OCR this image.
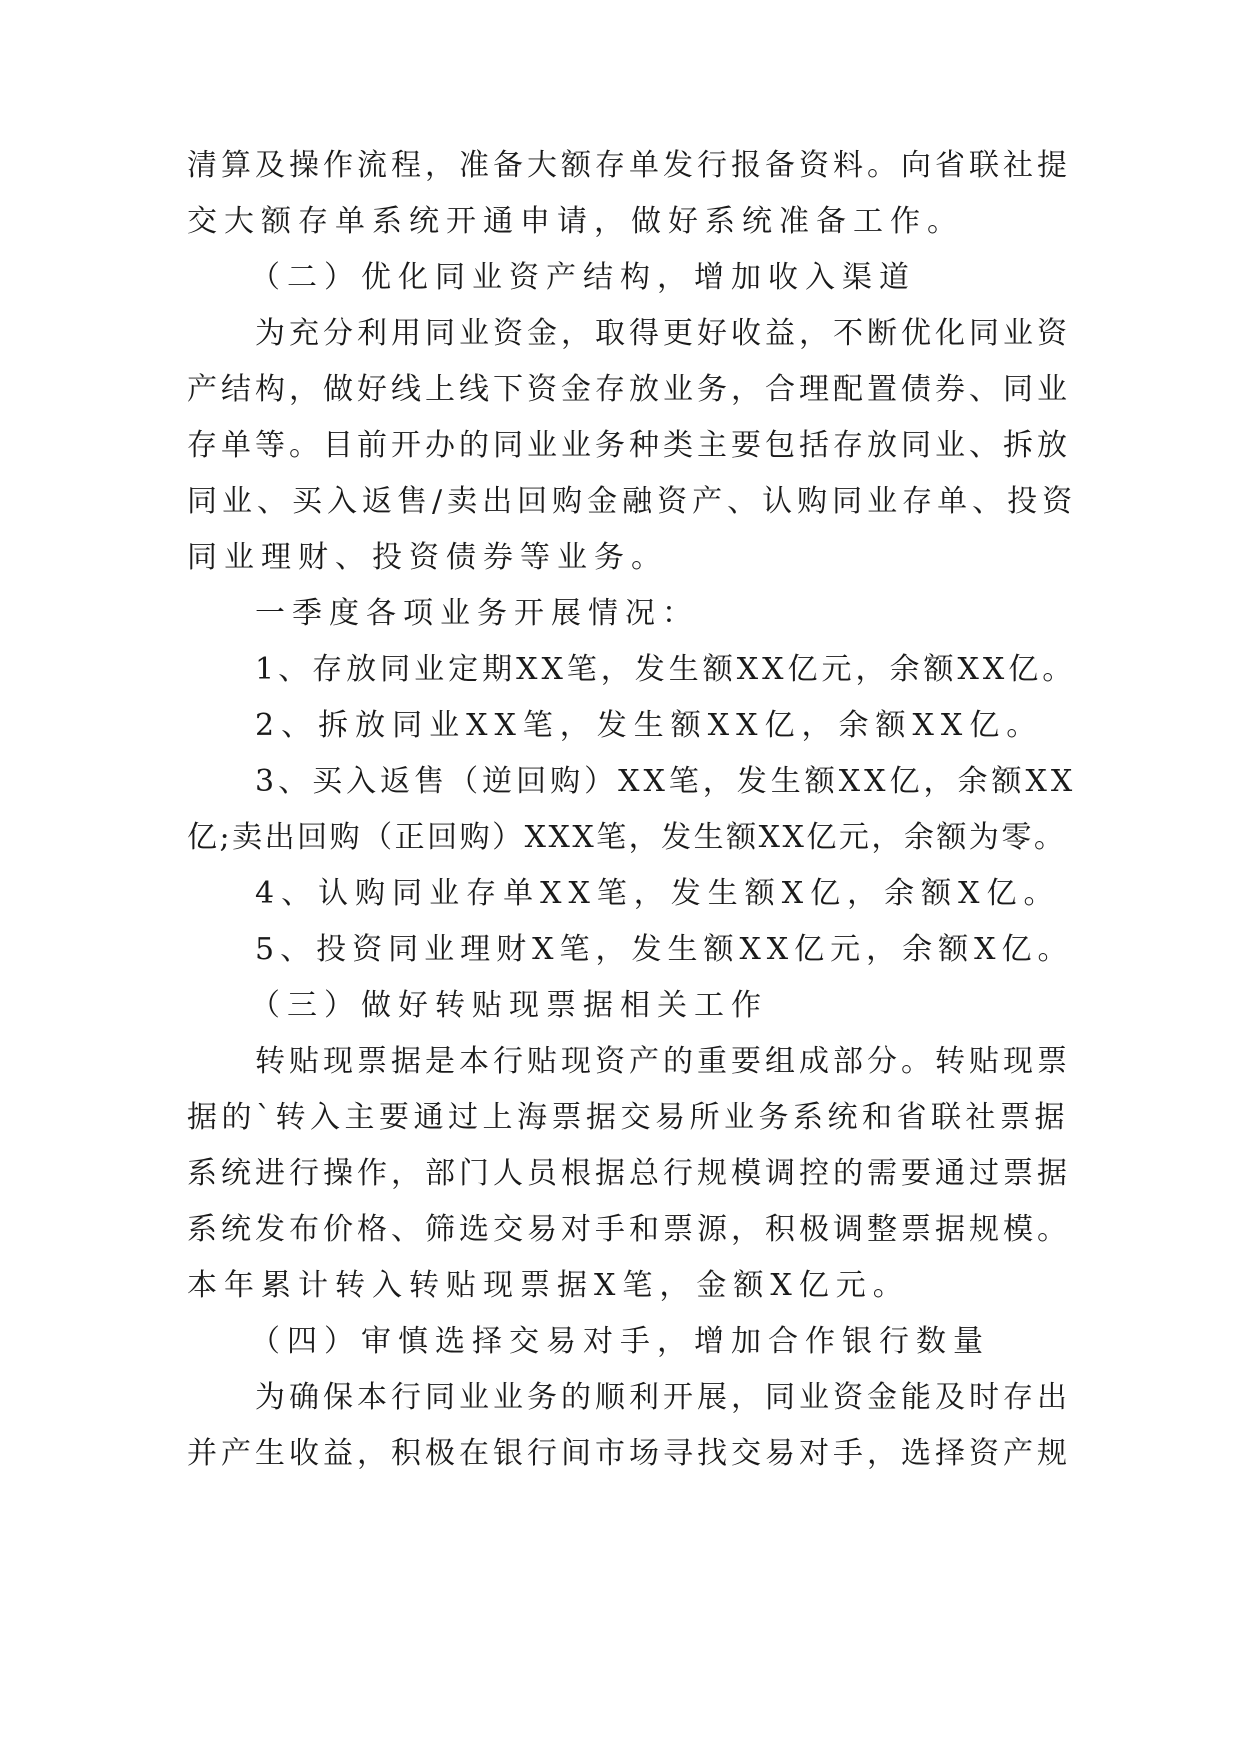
清算及操作流程，准备大额存单发行报备资料。向省联社提
交大额存单系统开通申请，做好系统准备工作。
（二）优化同业资产结构，增加收入渠道
为充分利用同业资金，取得更好收益，不断优化同业资
产结构，做好线上线下资金存放业务，合理配置债券、同业
存单等。目前开办的同业业务种类主要包括存放同业、拆放
同业、买入返售/卖出回购金融资产、认购同业存单、投资
同业理财、投资债券等业务。
一季度各项业务开展情况：
1、存放同业定期XX笔，发生额XX亿元，余额XX亿。
2、拆放同业XX笔，发生额XX亿，余额XX亿。
3、买入返售（逆回购）XX笔，发生额XX亿，余额XX
亿;卖出回购（正回购）XXX笔，发生额XX亿元，余额为零。
4、认购同业存单XX笔，发生额X亿，余额X亿。
5、投资同业理财X笔，发生额XX亿元，余额X亿。
（三）做好转贴现票据相关工作
转贴现票据是本行贴现资产的重要组成部分。转贴现票
据的`转入主要通过上海票据交易所业务系统和省联社票据
系统进行操作，部门人员根据总行规模调控的需要通过票据
系统发布价格、筛选交易对手和票源，积极调整票据规模。
本年累计转入转贴现票据X笔，金额X亿元。
（四）审慎选择交易对手，增加合作银行数量
为确保本行同业业务的顺利开展，同业资金能及时存出
并产生收益，积极在银行间市场寻找交易对手，选择资产规
